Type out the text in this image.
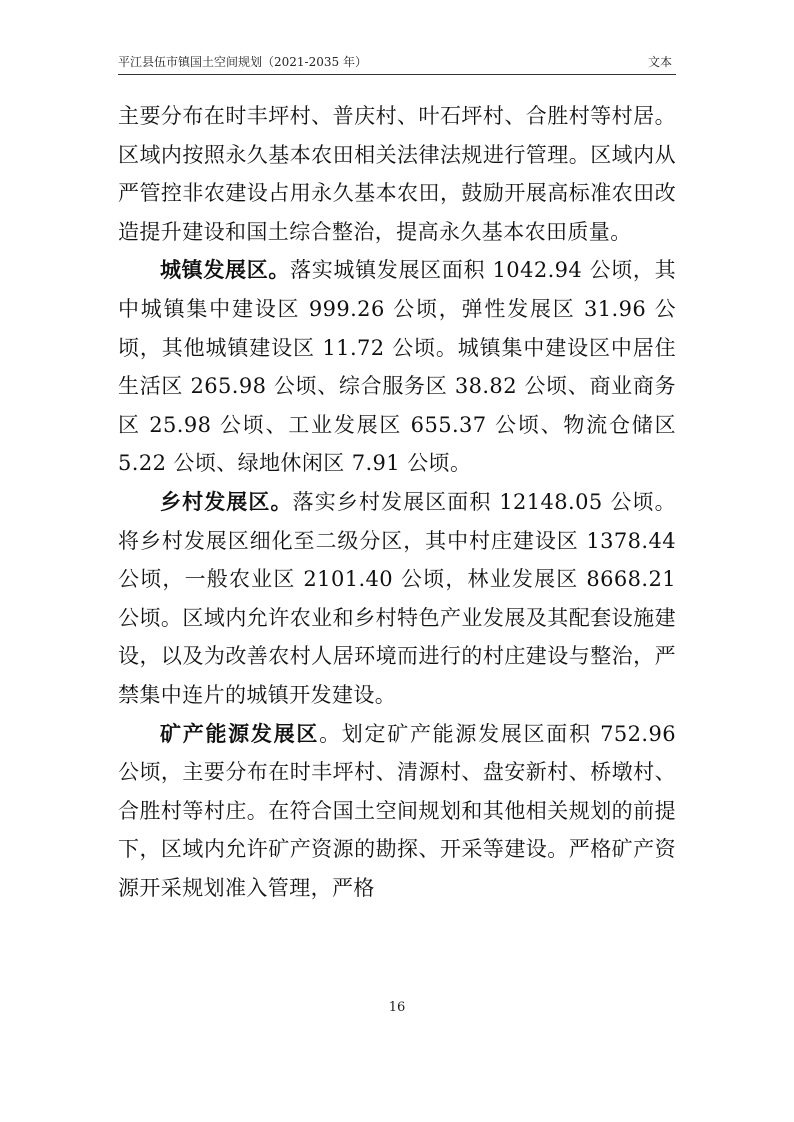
平江县伍市镇国土空间规划（2021-2035 年）	文本

主要分布在时丰坪村、普庆村、叶石坪村、合胜村等村居。区域内按照永久基本农田相关法律法规进行管理。区域内从严管控非农建设占用永久基本农田，鼓励开展高标准农田改造提升建设和国土综合整治，提高永久基本农田质量。

城镇发展区。落实城镇发展区面积 1042.94 公顷，其中城镇集中建设区 999.26 公顷，弹性发展区 31.96 公顷，其他城镇建设区 11.72 公顷。城镇集中建设区中居住生活区 265.98 公顷、综合服务区 38.82 公顷、商业商务区 25.98 公顷、工业发展区 655.37 公顷、物流仓储区 5.22 公顷、绿地休闲区 7.91 公顷。

乡村发展区。落实乡村发展区面积 12148.05 公顷。将乡村发展区细化至二级分区，其中村庄建设区 1378.44 公顷，一般农业区 2101.40 公顷，林业发展区 8668.21 公顷。区域内允许农业和乡村特色产业发展及其配套设施建设，以及为改善农村人居环境而进行的村庄建设与整治，严禁集中连片的城镇开发建设。

矿产能源发展区。划定矿产能源发展区面积 752.96 公顷，主要分布在时丰坪村、清源村、盘安新村、桥墩村、合胜村等村庄。在符合国土空间规划和其他相关规划的前提下，区域内允许矿产资源的勘探、开采等建设。严格矿产资源开采规划准入管理，严格

16
